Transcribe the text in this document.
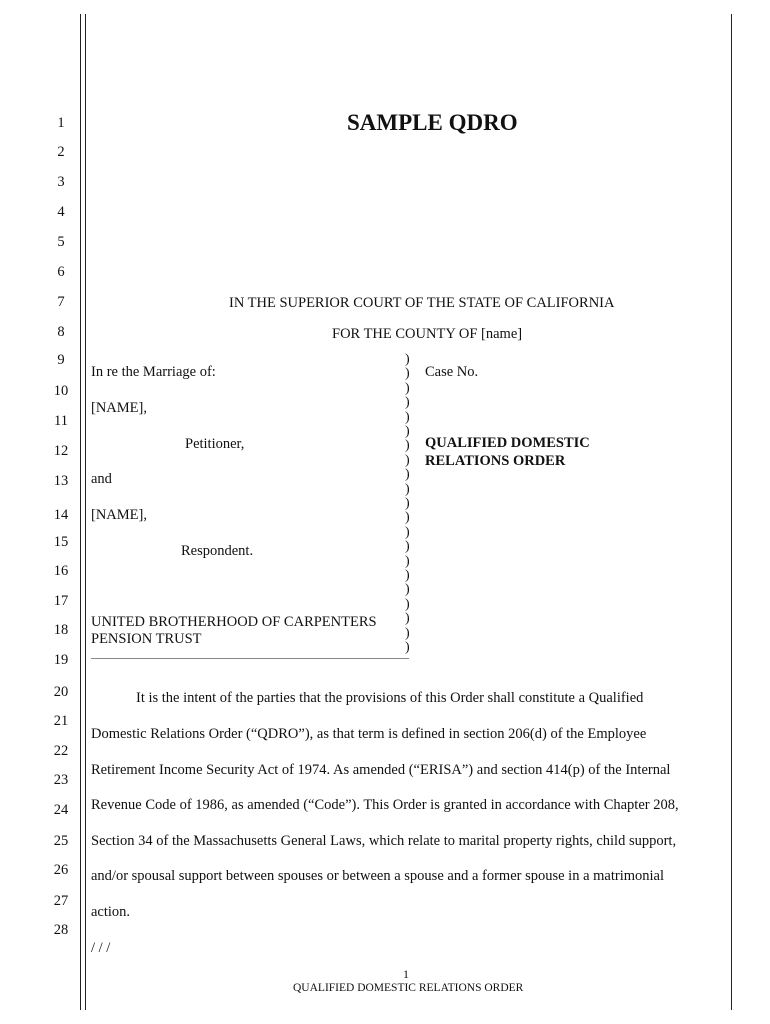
1
2
3
4
5
6
7
8
9
10
11
12
13
14
15
16
17
18
19
20
21
22
23
24
25
26
27
28
SAMPLE QDRO
IN THE SUPERIOR COURT OF THE STATE OF CALIFORNIA
FOR THE COUNTY OF [name]
In re the Marriage of:
[NAME],
Petitioner,
and
[NAME],
Respondent.
UNITED BROTHERHOOD OF CARPENTERS
PENSION TRUST
)
)
)
)
)
)
)
)
)
)
)
)
)
)
)
)
)
)
)
)
)
Case No.
QUALIFIED DOMESTIC
RELATIONS ORDER
It is the intent of the parties that the provisions of this Order shall constitute a Qualified
Domestic Relations Order (“QDRO”), as that term is defined in section 206(d) of the Employee
Retirement Income Security Act of 1974. As amended (“ERISA”) and section 414(p) of the Internal
Revenue Code of 1986, as amended (“Code”). This Order is granted in accordance with Chapter 208,
Section 34 of the Massachusetts General Laws, which relate to marital property rights, child support,
and/or spousal support between spouses or between a spouse and a former spouse in a matrimonial
action.
/ / /
1
QUALIFIED DOMESTIC RELATIONS ORDER
